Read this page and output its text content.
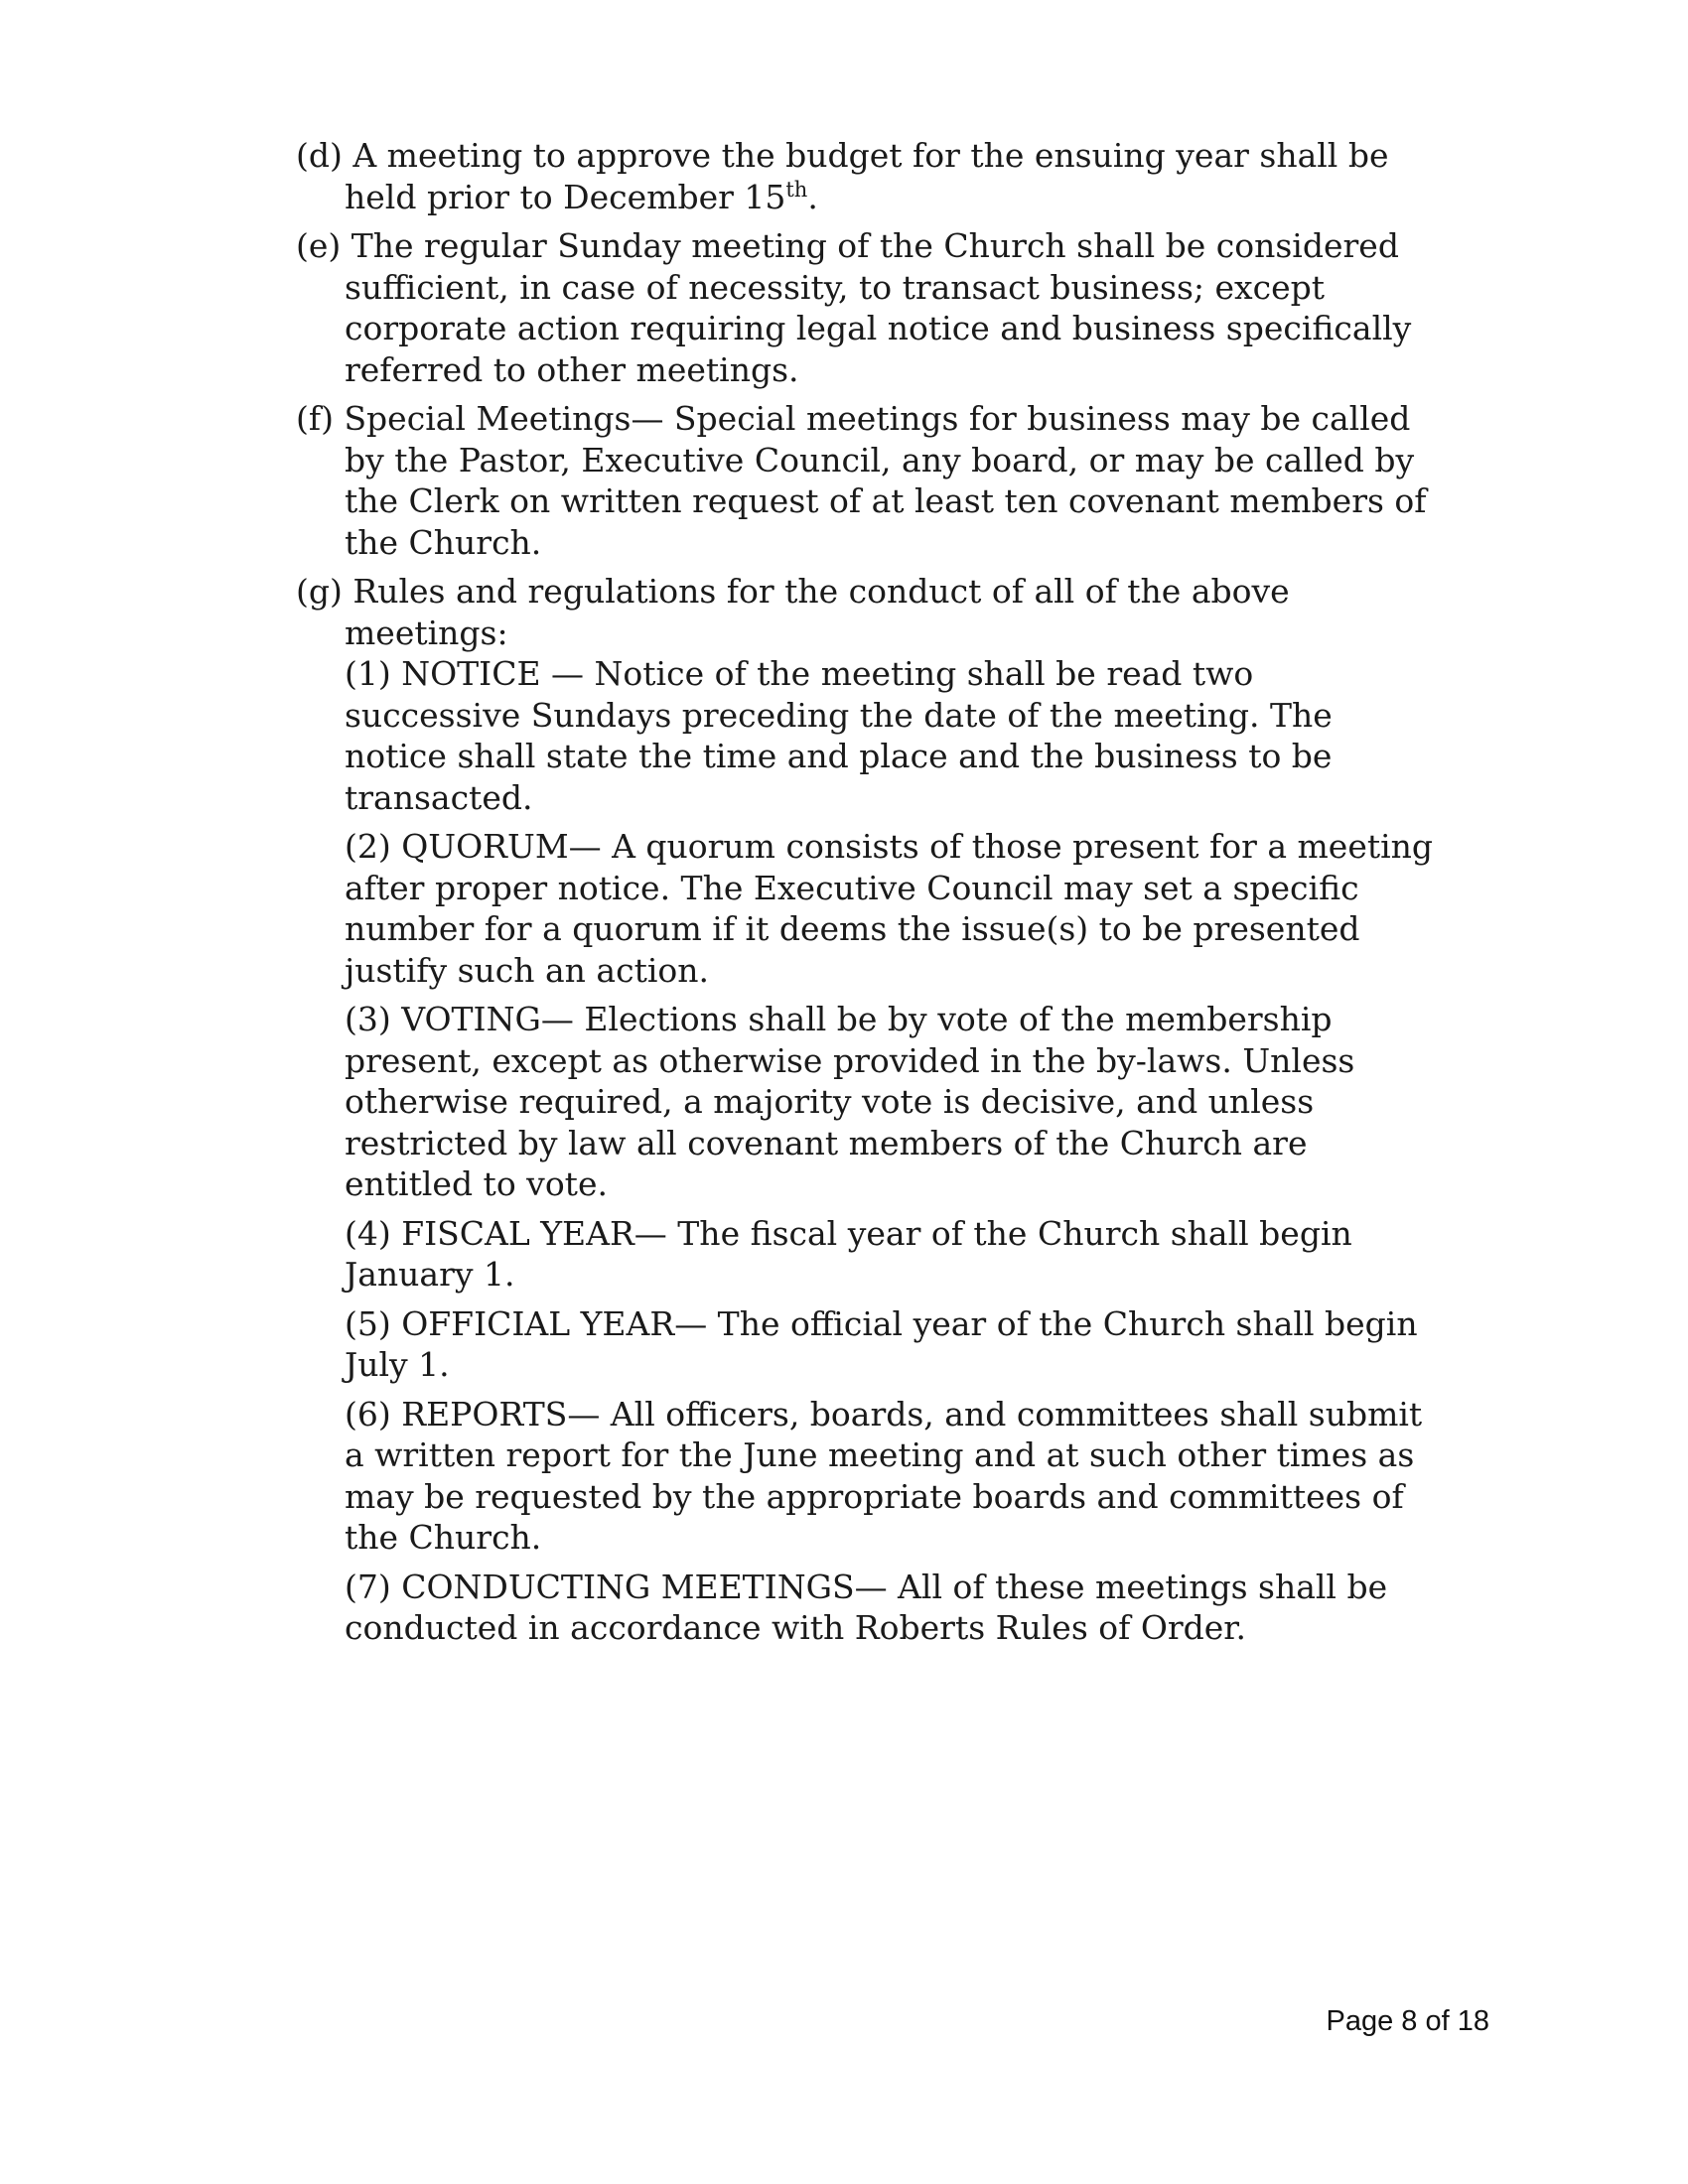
(d) A meeting to approve the budget for the ensuing year shall be held prior to December 15th.
(e) The regular Sunday meeting of the Church shall be considered sufficient, in case of necessity, to transact business; except corporate action requiring legal notice and business specifically referred to other meetings.
(f) Special Meetings— Special meetings for business may be called by the Pastor, Executive Council, any board, or may be called by the Clerk on written request of at least ten covenant members of the Church.
(g) Rules and regulations for the conduct of all of the above meetings:
(1) NOTICE — Notice of the meeting shall be read two successive Sundays preceding the date of the meeting. The notice shall state the time and place and the business to be transacted.
(2) QUORUM— A quorum consists of those present for a meeting after proper notice. The Executive Council may set a specific number for a quorum if it deems the issue(s) to be presented justify such an action.
(3) VOTING— Elections shall be by vote of the membership present, except as otherwise provided in the by-laws. Unless otherwise required, a majority vote is decisive, and unless restricted by law all covenant members of the Church are entitled to vote.
(4) FISCAL YEAR— The fiscal year of the Church shall begin January 1.
(5) OFFICIAL YEAR— The official year of the Church shall begin July 1.
(6) REPORTS— All officers, boards, and committees shall submit a written report for the June meeting and at such other times as may be requested by the appropriate boards and committees of the Church.
(7) CONDUCTING MEETINGS— All of these meetings shall be conducted in accordance with Roberts Rules of Order.
Page 8 of 18
